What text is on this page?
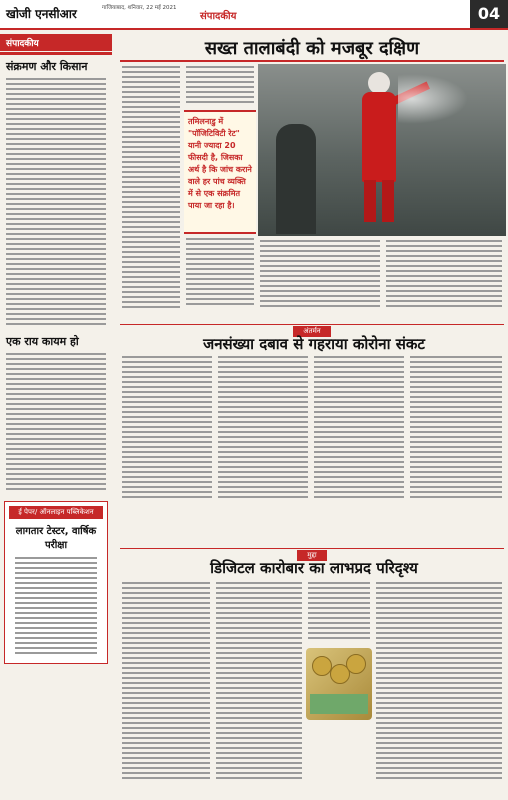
खोजी एनसीआर	गाजियाबाद, शनिवार, 22 मई 2021
संपादकीय	04
संपादकीय
संक्रमण और किसान
एक राय कायम हो
ई पेपर/ ऑनलाइन पब्लिकेशन
लागतार टेस्टर, वार्षिक परीक्षा
सख्त तालाबंदी को मजबूर दक्षिण
तमिलनाडु में "पॉजिटिविटी रेट" यानी ज्यादा 20 फीसदी है, जिसका अर्थ है कि जांच कराने वाले हर पांच व्यक्ति में से एक संक्रमित पाया जा रहा है।
अंतर्मन
जनसंख्या दबाव से गहराया कोरोना संकट
मुद्दा
डिजिटल कारोबार का लाभप्रद परिदृश्य
